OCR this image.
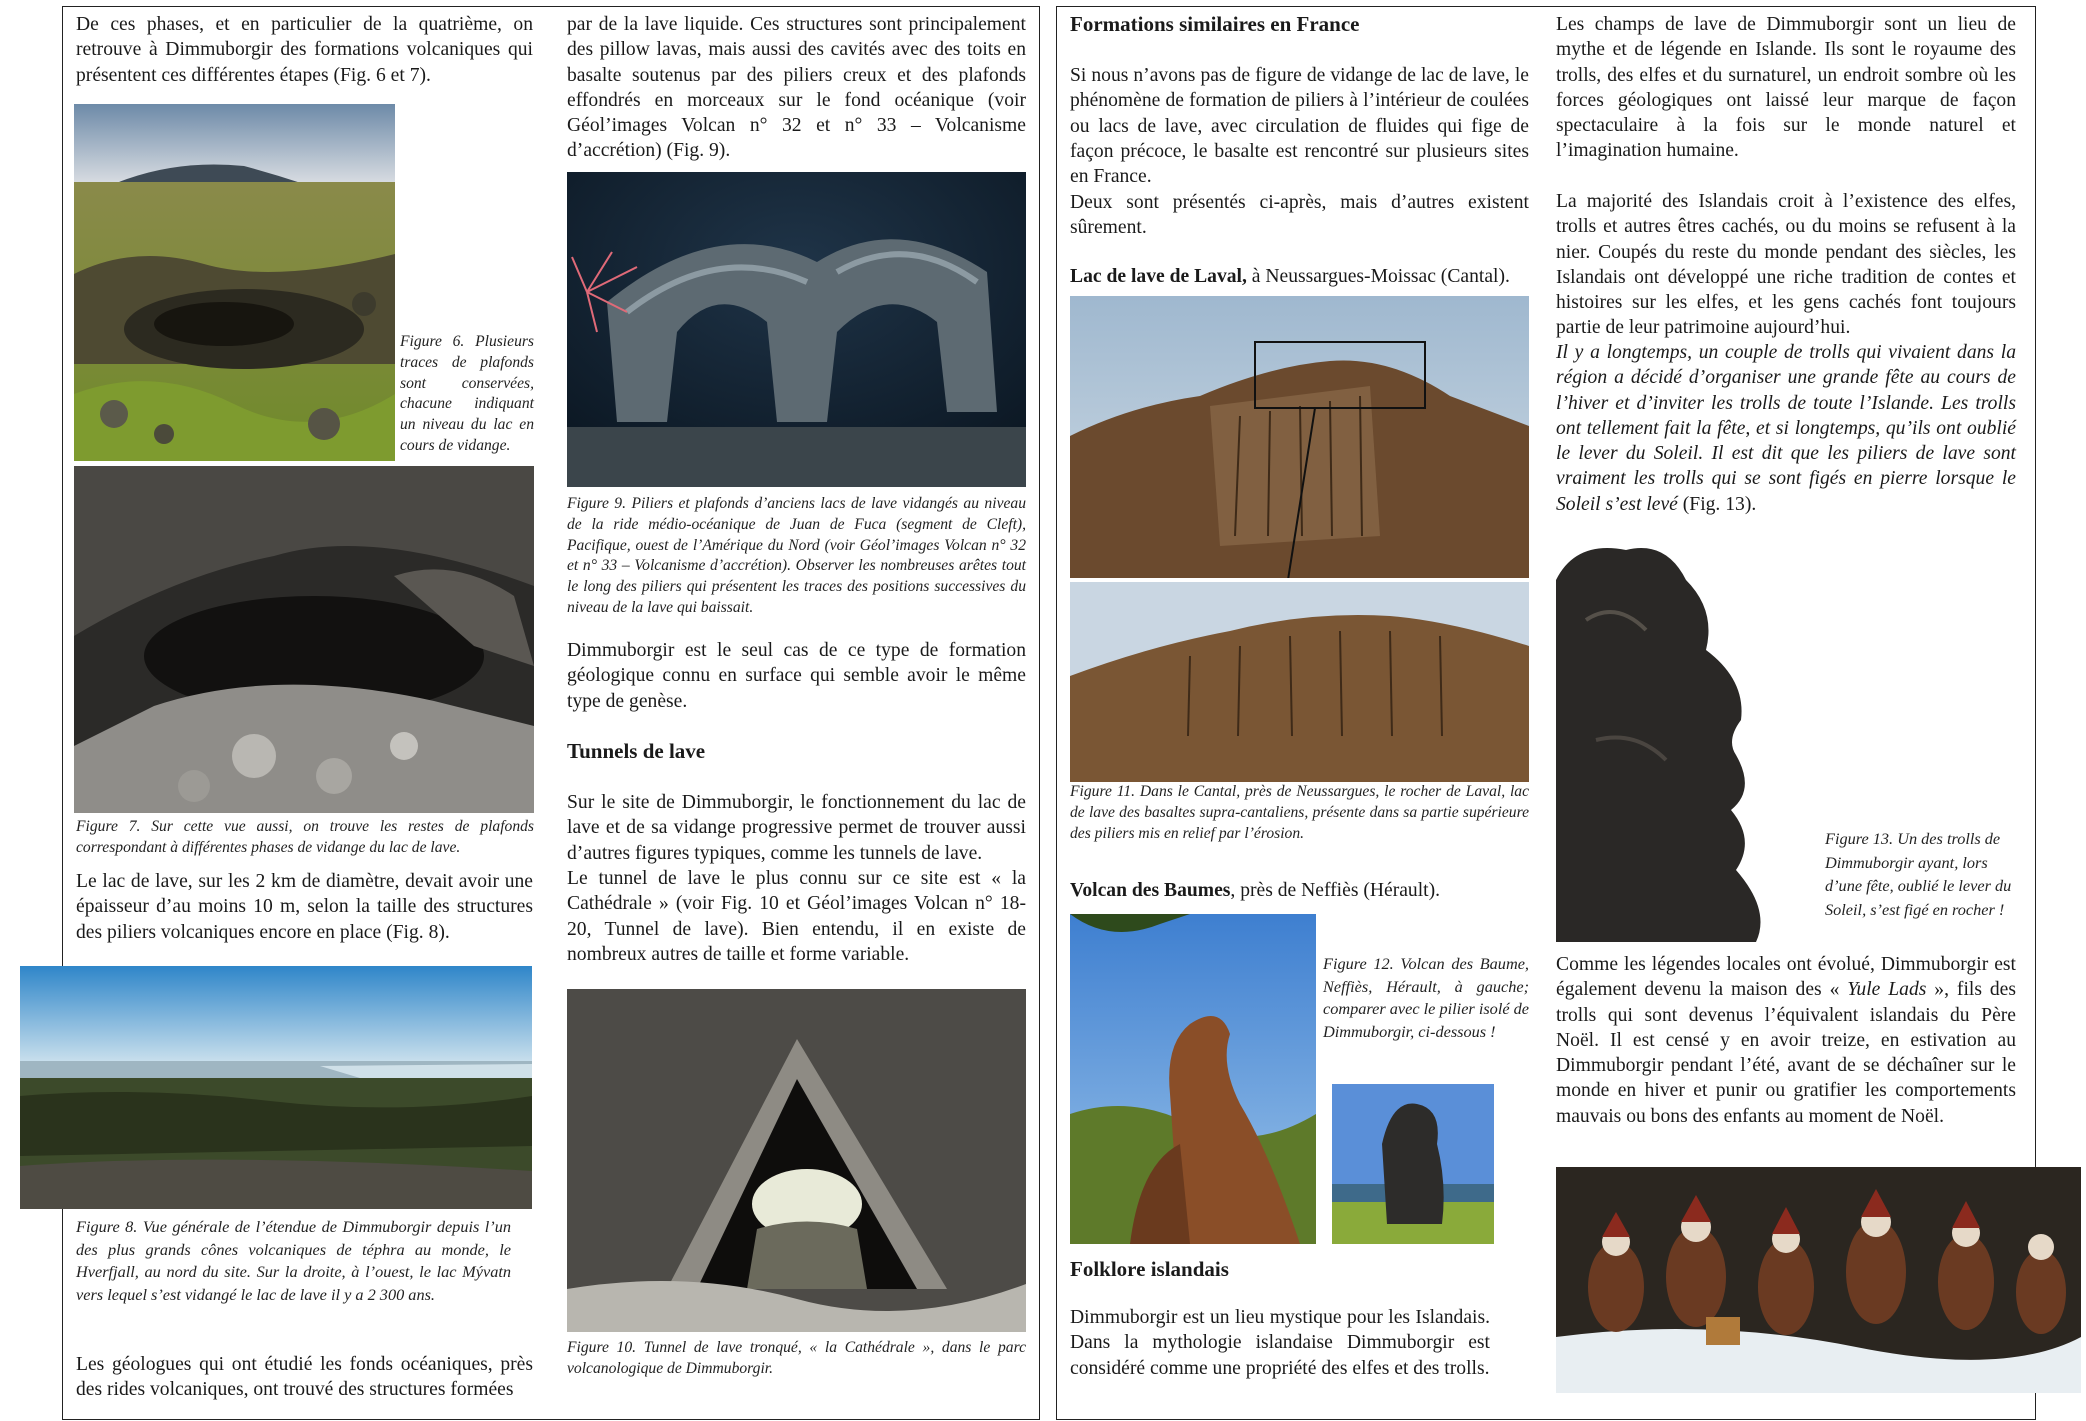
De ces phases, et en particulier de la quatrième, on retrouve à Dimmuborgir des formations volcaniques qui présentent ces différentes étapes (Fig. 6 et 7).

Figure 6. Plusieurs traces de plafonds sont conservées, chacune indiquant un niveau du lac en cours de vidange.

Figure 7. Sur cette vue aussi, on trouve les restes de plafonds correspondant à différentes phases de vidange du lac de lave.

Le lac de lave, sur les 2 km de diamètre, devait avoir une épaisseur d’au moins 10 m, selon la taille des structures des piliers volcaniques encore en place (Fig. 8).

Figure 8. Vue générale de l’étendue de Dimmuborgir depuis l’un des plus grands cônes volcaniques de téphra au monde, le Hverfjall, au nord du site. Sur la droite, à l’ouest, le lac Mývatn vers lequel s’est vidangé le lac de lave il y a 2 300 ans.

Les géologues qui ont étudié les fonds océaniques, près des rides volcaniques, ont trouvé des structures formées

par de la lave liquide. Ces structures sont principalement des pillow lavas, mais aussi des cavités avec des toits en basalte soutenus par des piliers creux et des plafonds effondrés en morceaux sur le fond océanique (voir Géol’images Volcan n° 32 et n° 33 – Volcanisme d’accrétion) (Fig. 9).

Figure 9. Piliers et plafonds d’anciens lacs de lave vidangés au niveau de la ride médio-océanique de Juan de Fuca (segment de Cleft), Pacifique, ouest de l’Amérique du Nord (voir Géol’images Volcan n° 32 et n° 33 – Volcanisme d’accrétion). Observer les nombreuses arêtes tout le long des piliers qui présentent les traces des positions successives du niveau de la lave qui baissait.

Dimmuborgir est le seul cas de ce type de formation géologique connu en surface qui semble avoir le même type de genèse.

Tunnels de lave

Sur le site de Dimmuborgir, le fonctionnement du lac de lave et de sa vidange progressive permet de trouver aussi d’autres figures typiques, comme les tunnels de lave.

Le tunnel de lave le plus connu sur ce site est « la Cathédrale » (voir Fig. 10 et Géol’images Volcan n° 18-20, Tunnel de lave). Bien entendu, il en existe de nombreux autres de taille et forme variable.

Figure 10. Tunnel de lave tronqué, « la Cathédrale », dans le parc volcanologique de Dimmuborgir.

Formations similaires en France

Si nous n’avons pas de figure de vidange de lac de lave, le phénomène de formation de piliers à l’intérieur de coulées ou lacs de lave, avec circulation de fluides qui fige de façon précoce, le basalte est rencontré sur plusieurs sites en France.

Deux sont présentés ci-après, mais d’autres existent sûrement.

Lac de lave de Laval, à Neussargues-Moissac (Cantal).

Figure 11. Dans le Cantal, près de Neussargues, le rocher de Laval, lac de lave des basaltes supra-cantaliens, présente dans sa partie supérieure des piliers mis en relief par l’érosion.

Volcan des Baumes, près de Neffiès (Hérault).

Figure 12. Volcan des Baume, Neffiès, Hérault, à gauche; comparer avec le pilier isolé de Dimmuborgir, ci-dessous !

Folklore islandais

Dimmuborgir est un lieu mystique pour les Islandais. Dans la mythologie islandaise Dimmuborgir est considéré comme une propriété des elfes et des trolls.

Les champs de lave de Dimmuborgir sont un lieu de mythe et de légende en Islande. Ils sont le royaume des trolls, des elfes et du surnaturel, un endroit sombre où les forces géologiques ont laissé leur marque de façon spectaculaire à la fois sur le monde naturel et l’imagination humaine.

La majorité des Islandais croit à l’existence des elfes, trolls et autres êtres cachés, ou du moins se refusent à la nier. Coupés du reste du monde pendant des siècles, les Islandais ont développé une riche tradition de contes et histoires sur les elfes, et les gens cachés font toujours partie de leur patrimoine aujourd’hui.

Il y a longtemps, un couple de trolls qui vivaient dans la région a décidé d’organiser une grande fête au cours de l’hiver et d’inviter les trolls de toute l’Islande. Les trolls ont tellement fait la fête, et si longtemps, qu’ils ont oublié le lever du Soleil. Il est dit que les piliers de lave sont vraiment les trolls qui se sont figés en pierre lorsque le Soleil s’est levé (Fig. 13).

Figure 13. Un des trolls de Dimmuborgir ayant, lors d’une fête, oublié le lever du Soleil, s’est figé en rocher !

Comme les légendes locales ont évolué, Dimmuborgir est également devenu la maison des « Yule Lads », fils des trolls qui sont devenus l’équivalent islandais du Père Noël. Il est censé y en avoir treize, en estivation au Dimmuborgir pendant l’été, avant de se déchaîner sur le monde en hiver et punir ou gratifier les comportements mauvais ou bons des enfants au moment de Noël.
